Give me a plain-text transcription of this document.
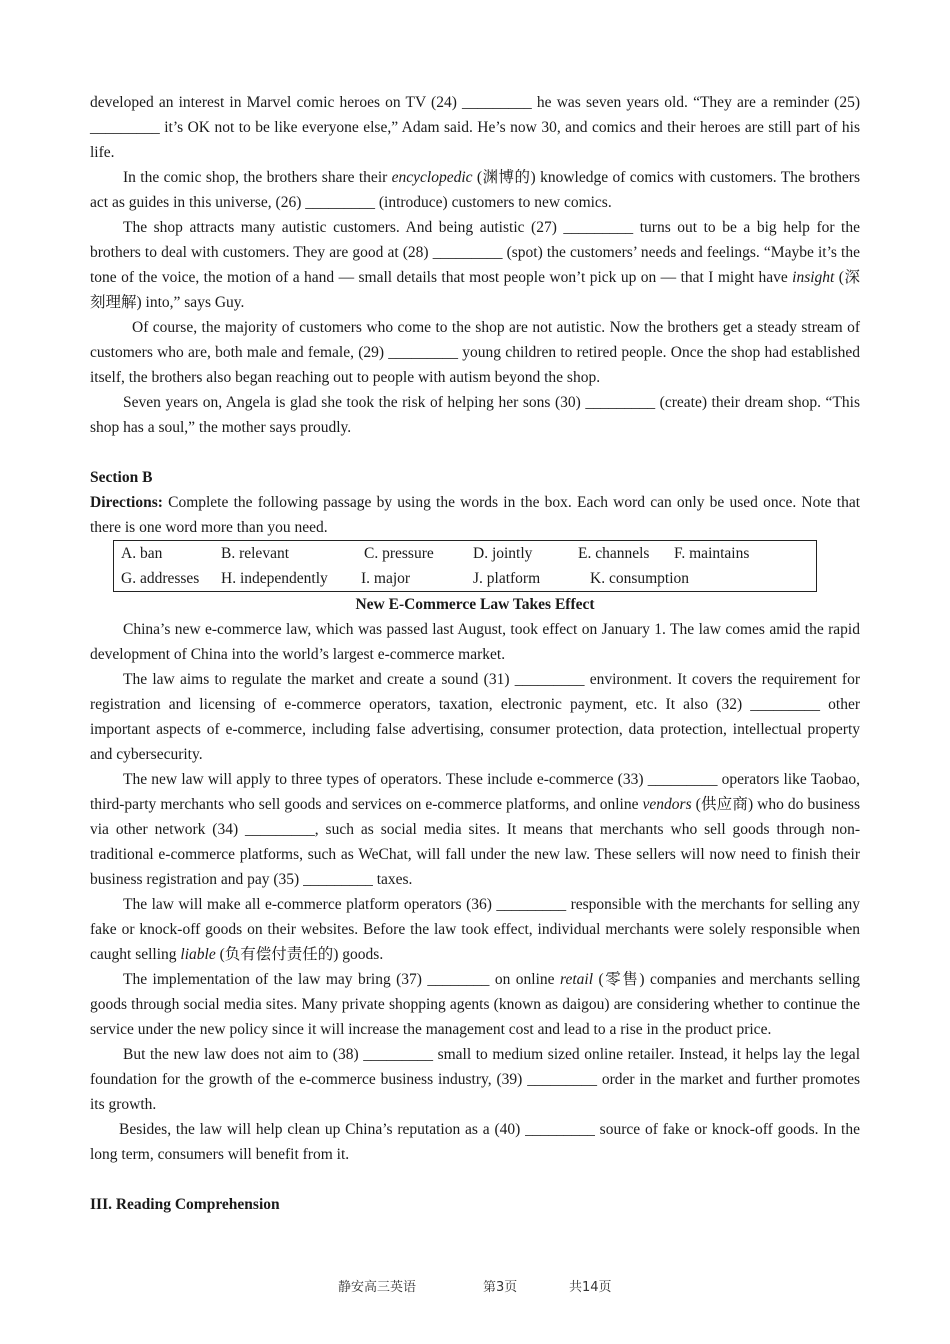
developed an interest in Marvel comic heroes on TV (24) _________ he was seven years old. “They are a reminder (25) _________ it’s OK not to be like everyone else,” Adam said. He’s now 30, and comics and their heroes are still part of his life.

In the comic shop, the brothers share their encyclopedic (渊博的) knowledge of comics with customers. The brothers act as guides in this universe, (26) _________ (introduce) customers to new comics.

The shop attracts many autistic customers. And being autistic (27) _________ turns out to be a big help for the brothers to deal with customers. They are good at (28) _________ (spot) the customers’ needs and feelings. “Maybe it’s the tone of the voice, the motion of a hand — small details that most people won’t pick up on — that I might have insight (深刻理解) into,” says Guy.

Of course, the majority of customers who come to the shop are not autistic. Now the brothers get a steady stream of customers who are, both male and female, (29) _________ young children to retired people. Once the shop had established itself, the brothers also began reaching out to people with autism beyond the shop.

Seven years on, Angela is glad she took the risk of helping her sons (30) _________ (create) their dream shop. “This shop has a soul,” the mother says proudly.

Section B

Directions: Complete the following passage by using the words in the box. Each word can only be used once. Note that there is one word more than you need.

A. ban	B. relevant	C. pressure	D. jointly	E. channels F. maintains
G. addresses H. independently I. major	J. platform	K. consumption

New E-Commerce Law Takes Effect

China’s new e-commerce law, which was passed last August, took effect on January 1. The law comes amid the rapid development of China into the world’s largest e-commerce market.

The law aims to regulate the market and create a sound (31) _________ environment. It covers the requirement for registration and licensing of e-commerce operators, taxation, electronic payment, etc. It also (32) _________ other important aspects of e-commerce, including false advertising, consumer protection, data protection, intellectual property and cybersecurity.

The new law will apply to three types of operators. These include e-commerce (33) _________ operators like Taobao, third-party merchants who sell goods and services on e-commerce platforms, and online vendors (供应商) who do business via other network (34) _________, such as social media sites. It means that merchants who sell goods through non-traditional e-commerce platforms, such as WeChat, will fall under the new law. These sellers will now need to finish their business registration and pay (35) _________ taxes.

The law will make all e-commerce platform operators (36) _________ responsible with the merchants for selling any fake or knock-off goods on their websites. Before the law took effect, individual merchants were solely responsible when caught selling liable (负有偿付责任的) goods.

The implementation of the law may bring (37) ________ on online retail (零售) companies and merchants selling goods through social media sites. Many private shopping agents (known as daigou) are considering whether to continue the service under the new policy since it will increase the management cost and lead to a rise in the product price.

But the new law does not aim to (38) _________ small to medium sized online retailer. Instead, it helps lay the legal foundation for the growth of the e-commerce business industry, (39) _________ order in the market and further promotes its growth.

Besides, the law will help clean up China’s reputation as a (40) _________ source of fake or knock-off goods. In the long term, consumers will benefit from it.

III. Reading Comprehension

静安高三英语	第3页	共14页
